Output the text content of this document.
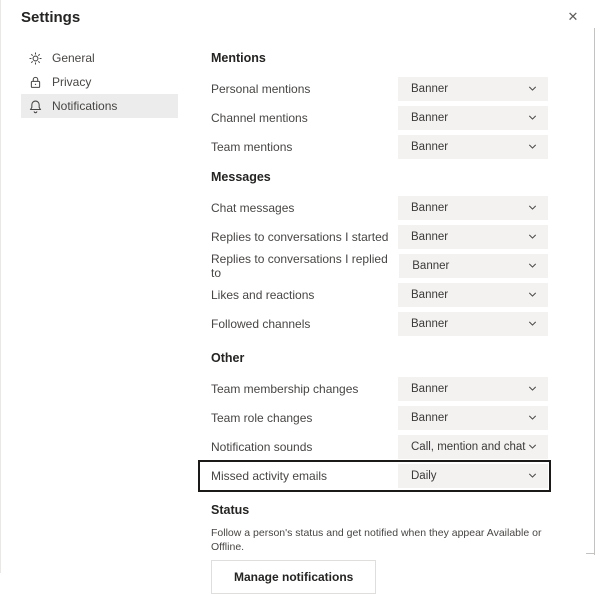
Settings	✕
General
Privacy
Notifications
Mentions
Personal mentions	Banner
Channel mentions	Banner
Team mentions	Banner
Messages
Chat messages	Banner
Replies to conversations I started Banner
Replies to conversations I replied to	Banner
Likes and reactions	Banner
Followed channels	Banner
Other
Team membership changes	Banner
Team role changes	Banner
Notification sounds	Call, mention and chat
Missed activity emails	Daily
Status
Follow a person's status and get notified when they appear Available or Offline.
Manage notifications
